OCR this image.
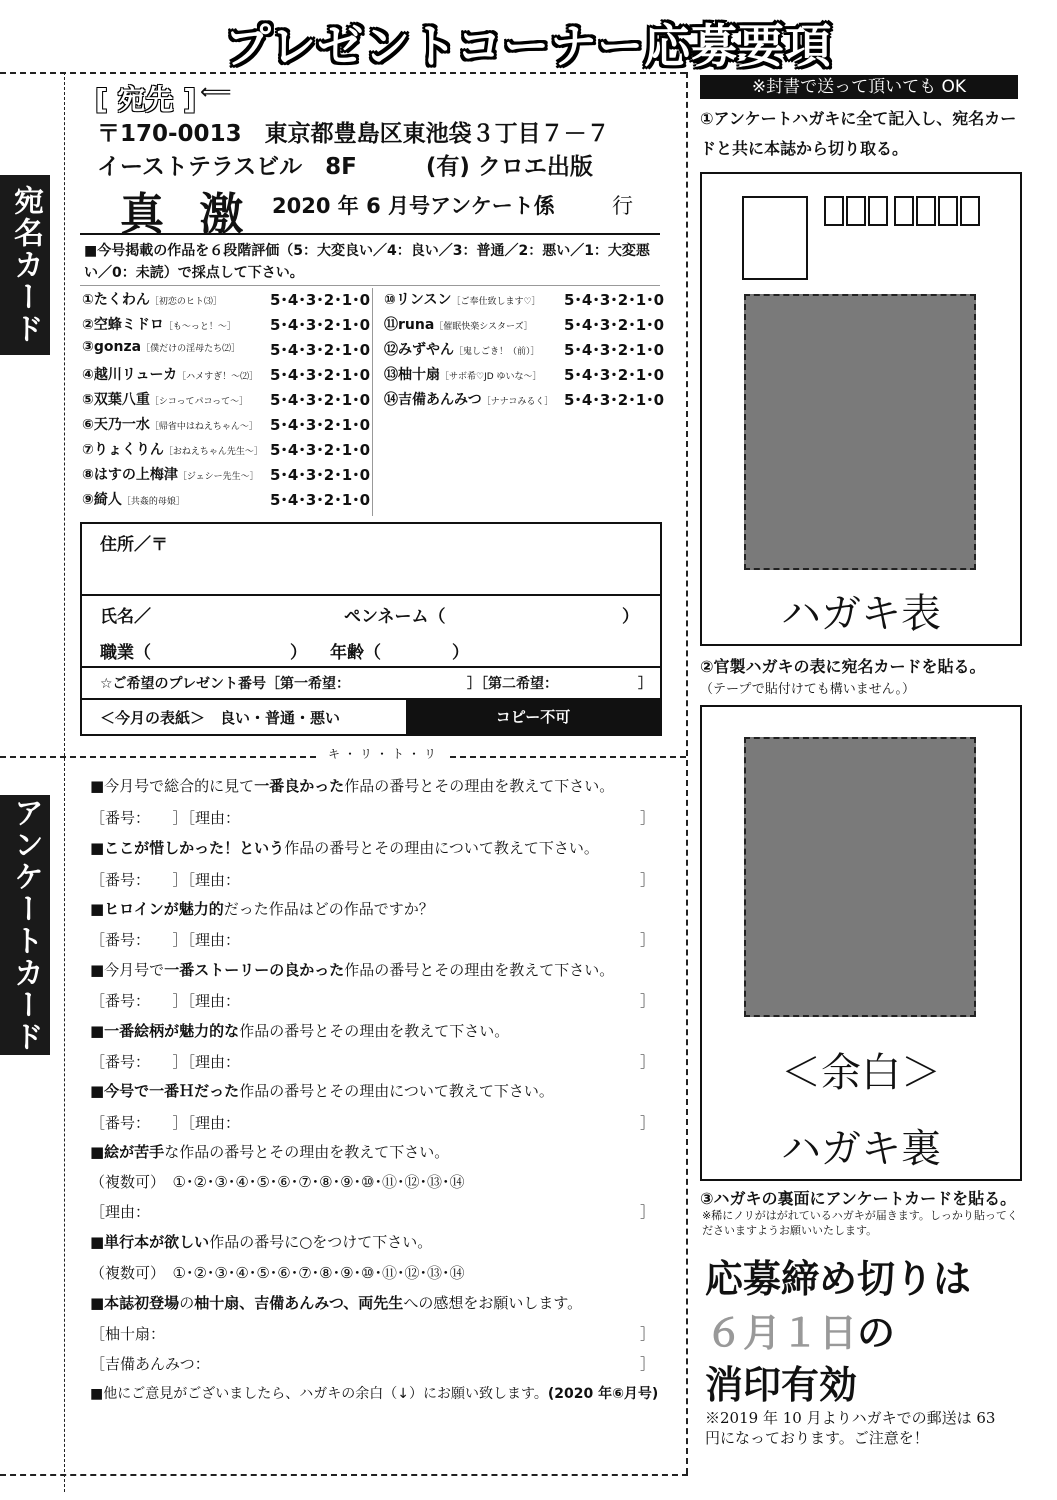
プレゼントコーナー応募要項
キ・リ・ト・リ
宛名カード
アンケートカード
[ 宛先 ] ⟸
〒170-0013　東京都豊島区東池袋３丁目７－７
イーストテラスビル　8F　　　(有) クロエ出版
真 激 2020 年 6 月号アンケート係	行
■今号掲載の作品を６段階評価（5：大変良い／4：良い／3：普通／2：悪い／1：大変悪い／0：未読）で採点して下さい。
①たくわん［初恋のヒト⑶］	5･4･3･2･1･0
②空蜂ミドロ［も〜っと！〜］ 5･4･3･2･1･0
③gonza［僕だけの淫母たち⑵］ 5･4･3･2･1･0
④越川リューカ［ハメすぎ！〜⑵］ 5･4･3･2･1･0
⑤双葉八重［シコってパコって〜］ 5･4･3･2･1･0
⑥天乃一水［帰省中はねえちゃん〜］ 5･4･3･2･1･0
⑦りょくりん［おねえちゃん先生〜］ 5･4･3･2･1･0
⑧はすの上梅津［ジェシー先生〜］ 5･4･3･2･1･0
⑨綺人［共姦的母娘］	5･4･3･2･1･0
⑩リンスン［ご奉仕致します♡］ 5･4･3･2･1･0
⑪runa［催眠快楽シスターズ］ 5･4･3･2･1･0
⑫みずやん［鬼しごき！（前）］ 5･4･3･2･1･0
⑬柚十扇［サボ希♡JD ゆいな〜］ 5･4･3･2･1･0
⑭吉備あんみつ［ナナコみるく］ 5･4･3･2･1･0
住所／〒
氏名／	ペンネーム（	）
職業（	） 年齢（	）
☆ご希望のプレゼント番号［第一希望：	］［第二希望：	］
＜今月の表紙＞　良い・普通・悪い	コピー不可
■今月号で総合的に見て一番良かった作品の番号とその理由を教えて下さい。
［番号：　　 ］［理由：	］
■ここが惜しかった！という作品の番号とその理由について教えて下さい。
［番号：　　 ］［理由：	］
■ヒロインが魅力的だった作品はどの作品ですか？
［番号：　　 ］［理由：	］
■今月号で一番ストーリーの良かった作品の番号とその理由を教えて下さい。
［番号：　　 ］［理由：	］
■一番絵柄が魅力的な作品の番号とその理由を教えて下さい。
［番号：　　 ］［理由：	］
■今号で一番Ｈだった作品の番号とその理由について教えて下さい。
［番号：　　 ］［理由：	］
■絵が苦手な作品の番号とその理由を教えて下さい。
（複数可）　 ①･②･③･④･⑤･⑥･⑦･⑧･⑨･⑩･⑪･⑫･⑬･⑭
［理由：	］
■単行本が欲しい作品の番号に○をつけて下さい。
（複数可）　 ①･②･③･④･⑤･⑥･⑦･⑧･⑨･⑩･⑪･⑫･⑬･⑭
■本誌初登場の柚十扇、吉備あんみつ、両先生への感想をお願いします。
［柚十扇：	］
［吉備あんみつ：	］
■他にご意見がございましたら、ハガキの余白（↓）にお願い致します。(2020 年⑥月号)
※封書で送って頂いても OK
①アンケートハガキに全て記入し、宛名カードと共に本誌から切り取る。
ハガキ表
②官製ハガキの表に宛名カードを貼る。
（テープで貼付けても構いません。）
＜余白＞
ハガキ裏
③ハガキの裏面にアンケートカードを貼る。
※稀にノリがはがれているハガキが届きます。しっかり貼ってくださいますようお願いいたします。
応募締め切りは
６月１日の
消印有効
※2019 年 10 月よりハガキでの郵送は 63 円になっております。ご注意を！
